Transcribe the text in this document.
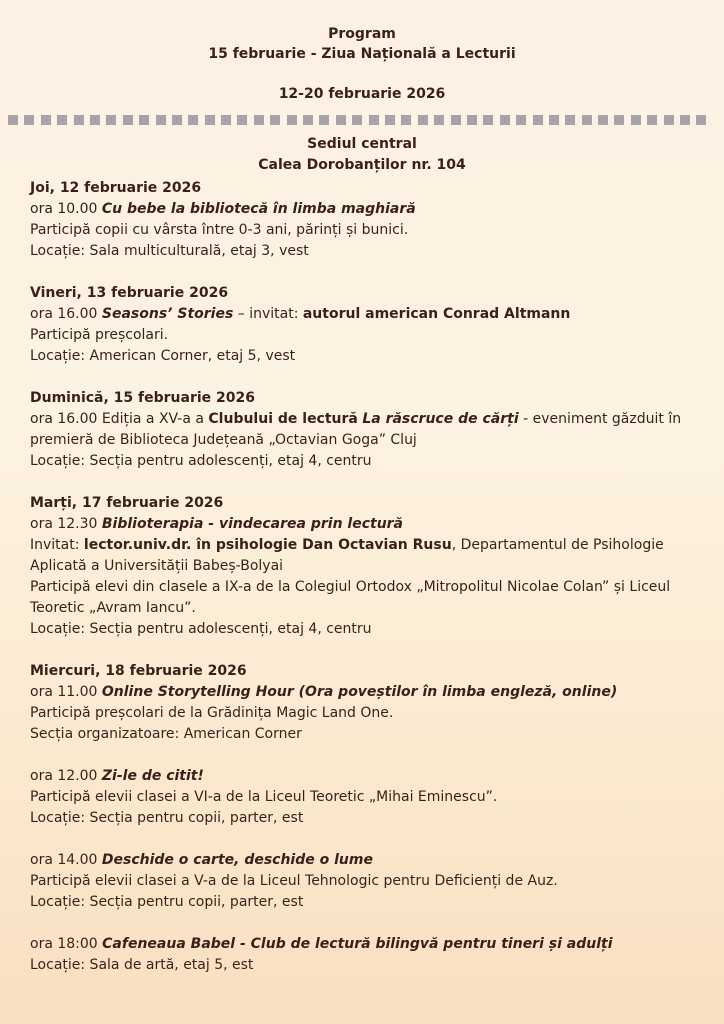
Program
15 februarie - Ziua Națională a Lecturii
12-20 februarie 2026
Sediul central
Calea Dorobanților nr. 104
Joi, 12 februarie 2026
ora 10.00 Cu bebe la bibliotecă în limba maghiară
Participă copii cu vârsta între 0-3 ani, părinți și bunici.
Locație: Sala multiculturală, etaj 3, vest
Vineri, 13 februarie 2026
ora 16.00 Seasons’ Stories – invitat: autorul american Conrad Altmann
Participă preșcolari.
Locație: American Corner, etaj 5, vest
Duminică, 15 februarie 2026
ora 16.00 Ediția a XV-a a Clubului de lectură La răscruce de cărți - eveniment găzduit în premieră de Biblioteca Județeană „Octavian Goga” Cluj
Locație: Secția pentru adolescenți, etaj 4, centru
Marți, 17 februarie 2026
ora 12.30 Biblioterapia - vindecarea prin lectură
Invitat: lector.univ.dr. în psihologie Dan Octavian Rusu, Departamentul de Psihologie Aplicată a Universității Babeș-Bolyai
Participă elevi din clasele a IX-a de la Colegiul Ortodox „Mitropolitul Nicolae Colan” și Liceul Teoretic „Avram Iancu”.
Locație: Secția pentru adolescenți, etaj 4, centru
Miercuri, 18 februarie 2026
ora 11.00 Online Storytelling Hour (Ora poveștilor în limba engleză, online)
Participă preșcolari de la Grădinița Magic Land One.
Secția organizatoare: American Corner
ora 12.00 Zi-le de citit!
Participă elevii clasei a VI-a de la Liceul Teoretic „Mihai Eminescu”.
Locație: Secția pentru copii, parter, est
ora 14.00 Deschide o carte, deschide o lume
Participă elevii clasei a V-a de la Liceul Tehnologic pentru Deficienți de Auz.
Locație: Secția pentru copii, parter, est
ora 18:00 Cafeneaua Babel - Club de lectură bilingvă pentru tineri și adulți
Locație: Sala de artă, etaj 5, est
